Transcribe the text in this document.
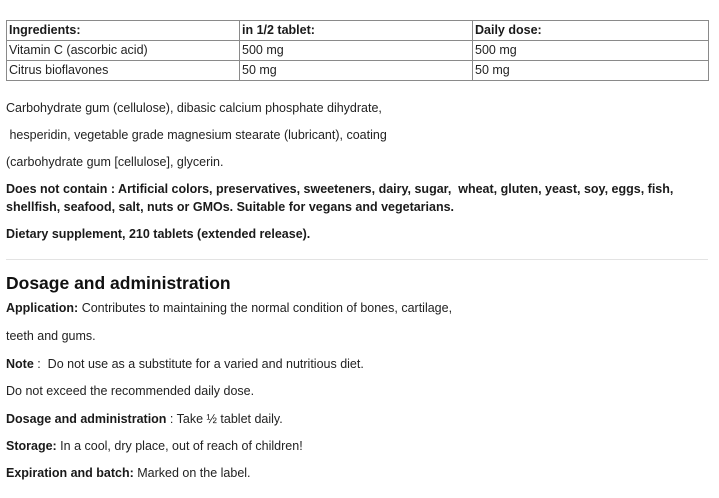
Ingredients:	in 1/2 tablet:	Daily dose:
Vitamin C (ascorbic acid)	500 mg	500 mg
Citrus bioflavones	50 mg	50 mg

Carbohydrate gum (cellulose), dibasic calcium phosphate dihydrate,

hesperidin, vegetable grade magnesium stearate (lubricant), coating

(carbohydrate gum [cellulose], glycerin.

Does not contain : Artificial colors, preservatives, sweeteners, dairy, sugar,  wheat, gluten, yeast, soy, eggs, fish, shellfish, seafood, salt, nuts or GMOs. Suitable for vegans and vegetarians.

Dietary supplement, 210 tablets (extended release).

Dosage and administration

Application: Contributes to maintaining the normal condition of bones, cartilage,

teeth and gums.

Note :  Do not use as a substitute for a varied and nutritious diet.

Do not exceed the recommended daily dose.

Dosage and administration : Take ½ tablet daily.

Storage: In a cool, dry place, out of reach of children!

Expiration and batch: Marked on the label.
